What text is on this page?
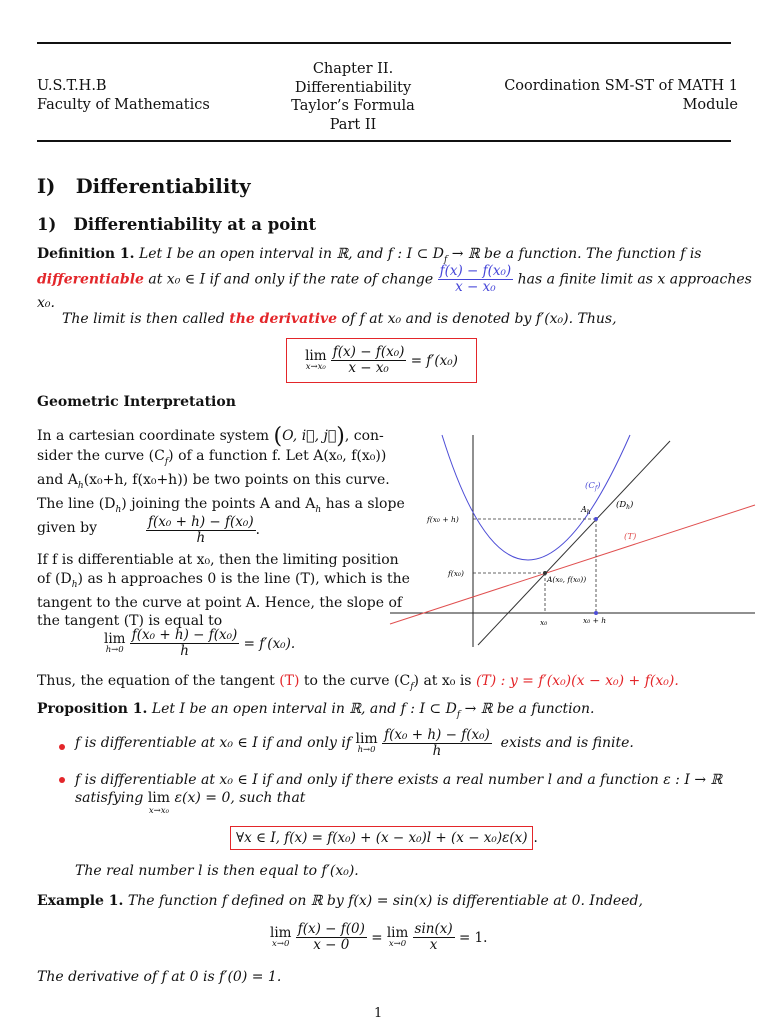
U.S.T.H.B
Faculty of Mathematics
Chapter II.
Differentiability
Taylor’s Formula
Part II
Coordination SM-ST of MATH 1
Module
I) Differentiability
1) Differentiability at a point
Definition 1. Let I be an open interval in ℝ, and f : I ⊂ $D_f$ → ℝ be a function. The function f is
differentiable at x₀ ∈ I if and only if the rate of change $\frac{\text{f(x) − f(x₀)}}{\text{x − x₀}}$ has a finite limit as x approaches
x₀.
The limit is then called the derivative of f at x₀ and is denoted by f′(x₀). Thus,
lim
x→x₀
$\frac{\text{f(x) − f(x₀)}}{\text{x − x₀}}$
= f′(x₀)
Geometric Interpretation
In a cartesian coordinate system (O, i⃗, j⃗), con-
sider the curve $(C_f)$ of a function f. Let A(x₀, f(x₀))
and $A_h(x_0+h$, f(x₀+h)) be two points on this curve.
The line $(D_h)$ joining the points A and $A_h$ has a slope
given by	$\frac{\text{f(x₀ + h) − f(x₀)}}{h}$ .
If f is differentiable at x₀, then the limiting position
of $(D_h)$ as h approaches 0 is the line (T), which is the
tangent to the curve at point A. Hence, the slope of
the tangent (T) is equal to
lim
h→0
$\frac{\text{f(x₀ + h) − f(x₀)}}{h}$
= f′(x₀).
Thus, the equation of the tangent (T) to the curve $(C_f)$ at x₀ is (T) : y = f′(x₀)(x − x₀) + f(x₀).
$(C_f)$
$(D_h)$
(T)
$A_h$
A(x₀, f(x₀))
f(x₀ + h)
f(x₀)
x₀	x₀ + h
Proposition 1. Let I be an open interval in ℝ, and f : I ⊂ $D_f$ → ℝ be a function.
f is differentiable at x₀ ∈ I if and only if
lim
h→0
$\frac{\text{f(x₀ + h) − f(x₀)}}{h}$
exists and is finite.
f is differentiable at x₀ ∈ I if and only if there exists a real number l and a function ε : I → ℝ
satisfying
lim
x→x₀

ε(x) = 0, such that
∀x ∈ I, f(x) = f(x₀) + (x − x₀)l + (x − x₀)ε(x) .
The real number l is then equal to f′(x₀).
Example 1. The function f defined on ℝ by f(x) = sin(x) is differentiable at 0. Indeed,
lim
x→0
$\frac{f(x) - f(0)}{x - 0}$
=
lim
x→0
$\frac{\sin(x)}{x}$
= 1.
The derivative of f at 0 is f′(0) = 1.
1
